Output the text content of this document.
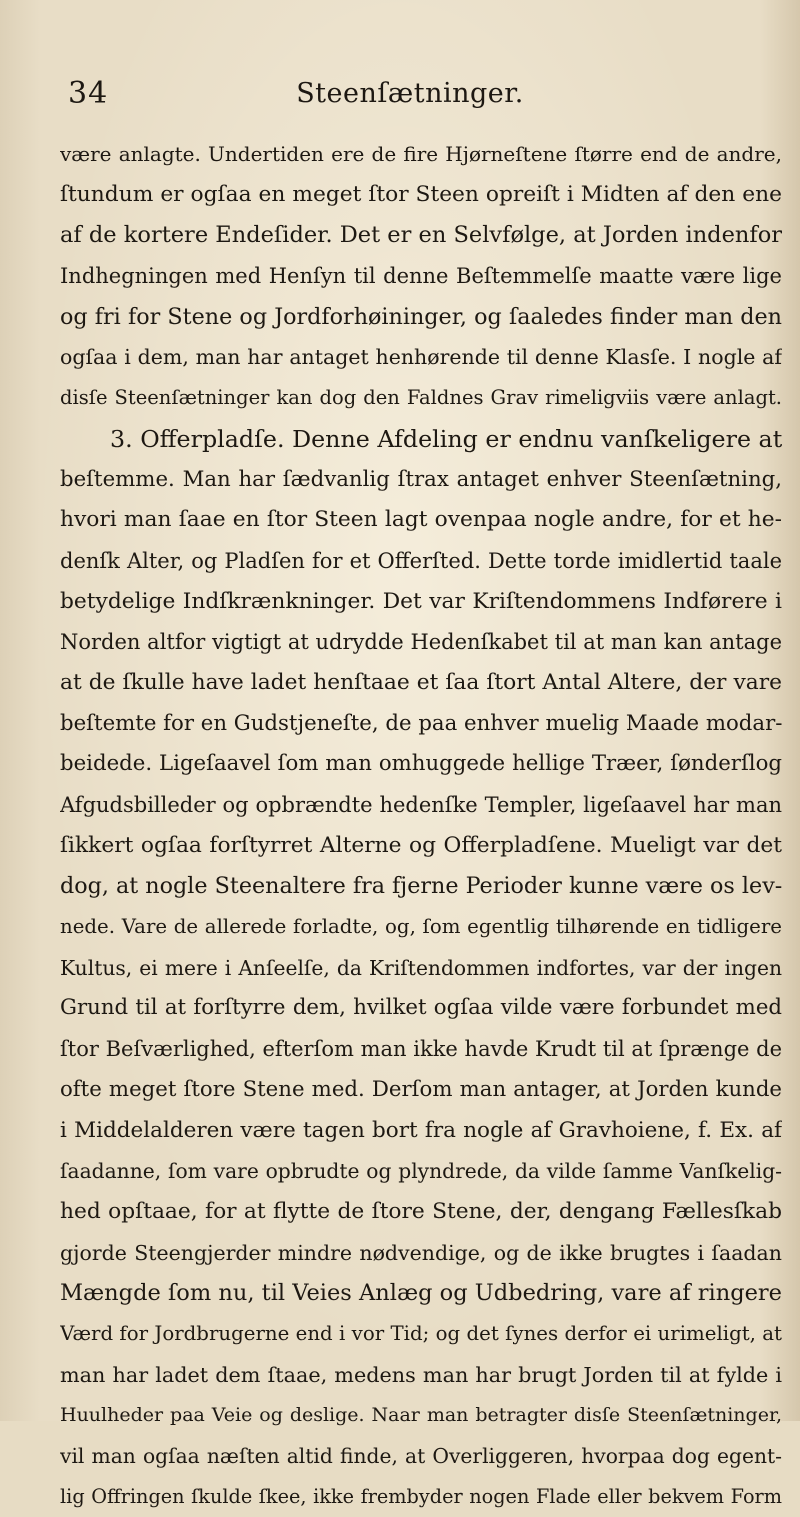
34	Steenſætninger.
være anlagte. Undertiden ere de fire Hjørneſtene ſtørre end de andre,
ſtundum er ogſaa en meget ſtor Steen opreiſt i Midten af den ene
af de kortere Endeſider. Det er en Selvfølge, at Jorden indenfor
Indhegningen med Henſyn til denne Beſtemmelſe maatte være lige
og fri for Stene og Jordforhøininger, og ſaaledes finder man den
ogſaa i dem, man har antaget henhørende til denne Klasſe. I nogle af
disſe Steenſætninger kan dog den Faldnes Grav rimeligviis være anlagt.
3. Offerpladſe. Denne Afdeling er endnu vanſkeligere at
beſtemme. Man har ſædvanlig ſtrax antaget enhver Steenſætning,
hvori man ſaae en ſtor Steen lagt ovenpaa nogle andre, for et he-
denſk Alter, og Pladſen for et Offerſted. Dette torde imidlertid taale
betydelige Indſkrænkninger. Det var Kriſtendommens Indførere i
Norden altfor vigtigt at udrydde Hedenſkabet til at man kan antage
at de ſkulle have ladet henſtaae et ſaa ſtort Antal Altere, der vare
beſtemte for en Gudstjeneſte, de paa enhver muelig Maade modar-
beidede. Ligeſaavel ſom man omhuggede hellige Træer, ſønderſlog
Afgudsbilleder og opbrændte hedenſke Templer, ligeſaavel har man
ſikkert ogſaa forſtyrret Alterne og Offerpladſene. Mueligt var det
dog, at nogle Steenaltere fra fjerne Perioder kunne være os lev-
nede. Vare de allerede forladte, og, ſom egentlig tilhørende en tidligere
Kultus, ei mere i Anſeelſe, da Kriſtendommen indfortes, var der ingen
Grund til at forſtyrre dem, hvilket ogſaa vilde være forbundet med
ſtor Beſværlighed, efterſom man ikke havde Krudt til at ſprænge de
ofte meget ſtore Stene med. Derſom man antager, at Jorden kunde
i Middelalderen være tagen bort fra nogle af Gravhoiene, f. Ex. af
ſaadanne, ſom vare opbrudte og plyndrede, da vilde ſamme Vanſkelig-
hed opſtaae, for at flytte de ſtore Stene, der, dengang Fællesſkab
gjorde Steengjerder mindre nødvendige, og de ikke brugtes i ſaadan
Mængde ſom nu, til Veies Anlæg og Udbedring, vare af ringere
Værd for Jordbrugerne end i vor Tid; og det ſynes derfor ei urimeligt, at
man har ladet dem ſtaae, medens man har brugt Jorden til at fylde i
Huulheder paa Veie og deslige. Naar man betragter disſe Steenſætninger,
vil man ogſaa næſten altid finde, at Overliggeren, hvorpaa dog egent-
lig Offringen ſkulde ſkee, ikke frembyder nogen Flade eller bekvem Form
